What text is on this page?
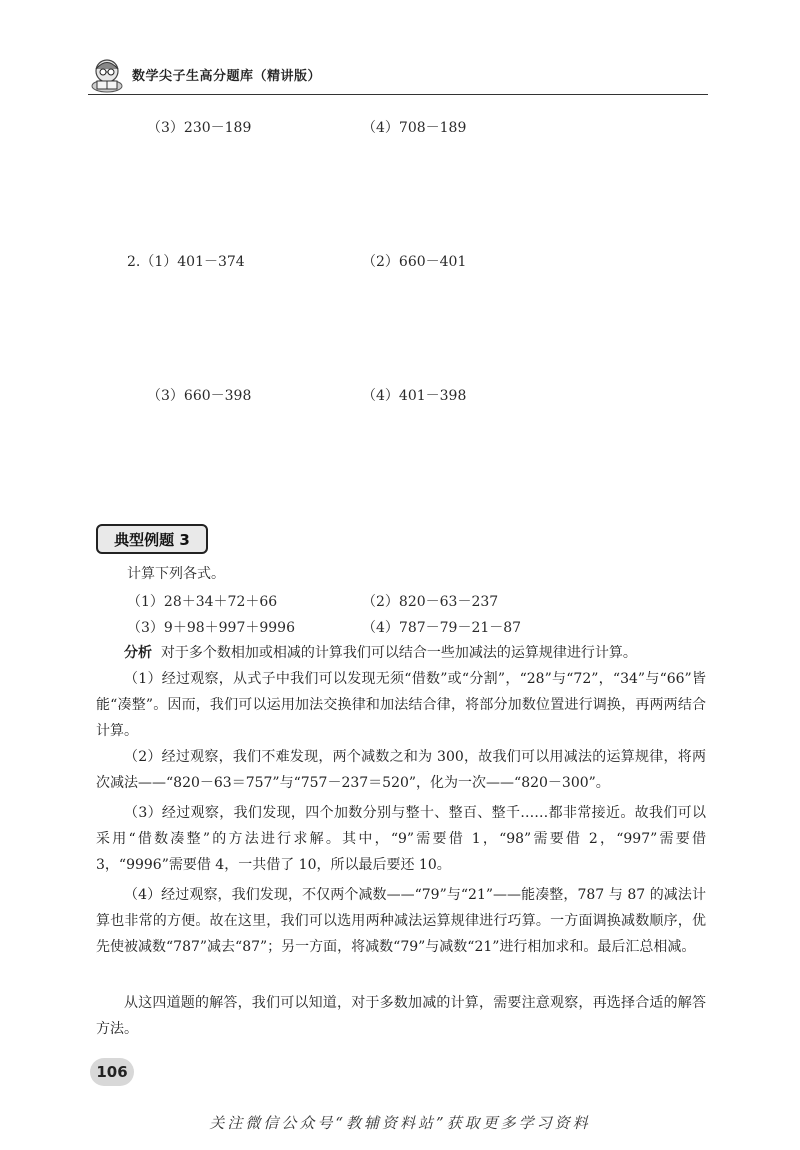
数学尖子生高分题库（精讲版）
（3）230－189	（4）708－189
2.（1）401－374	（2）660－401
（3）660－398	（4）401－398
典型例题 3
计算下列各式。
（1）28＋34＋72＋66	（2）820－63－237
（3）9＋98＋997＋9996	（4）787－79－21－87
分析 对于多个数相加或相减的计算我们可以结合一些加减法的运算规律进行计算。
（1）经过观察，从式子中我们可以发现无须“借数”或“分割”，“28”与“72”，“34”与“66”皆能“凑整”。因而，我们可以运用加法交换律和加法结合律，将部分加数位置进行调换，再两两结合计算。
（2）经过观察，我们不难发现，两个减数之和为 300，故我们可以用减法的运算规律，将两次减法——“820－63＝757”与“757－237＝520”，化为一次——“820－300”。
（3）经过观察，我们发现，四个加数分别与整十、整百、整千……都非常接近。故我们可以采用“借数凑整”的方法进行求解。其中，“9”需要借 1，“98”需要借 2，“997”需要借 3，“9996”需要借 4，一共借了 10，所以最后要还 10。
（4）经过观察，我们发现，不仅两个减数——“79”与“21”——能凑整，787 与 87 的减法计算也非常的方便。故在这里，我们可以选用两种减法运算规律进行巧算。一方面调换减数顺序，优先使被减数“787”减去“87”；另一方面，将减数“79”与减数“21”进行相加求和。最后汇总相减。
从这四道题的解答，我们可以知道，对于多数加减的计算，需要注意观察，再选择合适的解答方法。
106
关注微信公众号“教辅资料站”获取更多学习资料
